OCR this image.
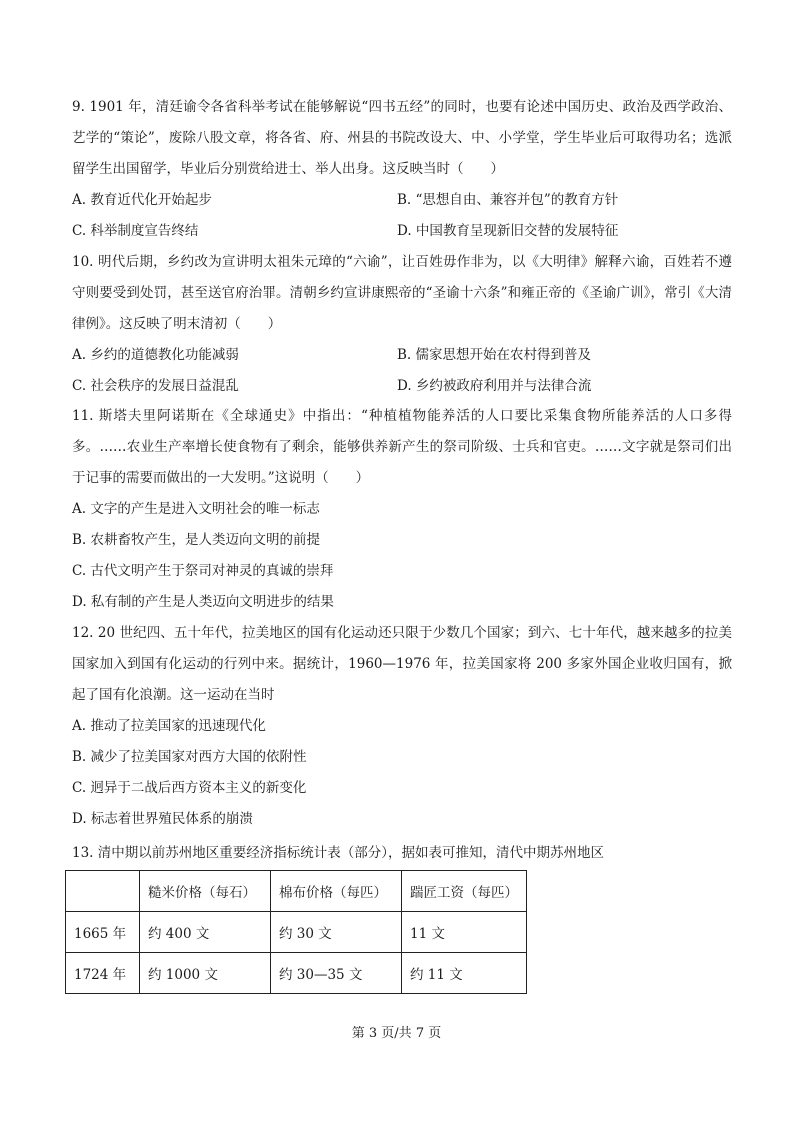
9. 1901 年，清廷谕令各省科举考试在能够解说“四书五经”的同时，也要有论述中国历史、政治及西学政治、艺学的“策论”，废除八股文章，将各省、府、州县的书院改设大、中、小学堂，学生毕业后可取得功名；选派留学生出国留学，毕业后分别赏给进士、举人出身。这反映当时（　　）

A. 教育近代化开始起步	B. “思想自由、兼容并包”的教育方针
C. 科举制度宣告终结	D. 中国教育呈现新旧交替的发展特征

10. 明代后期，乡约改为宣讲明太祖朱元璋的“六谕”，让百姓毋作非为，以《大明律》解释六谕，百姓若不遵守则要受到处罚，甚至送官府治罪。清朝乡约宣讲康熙帝的“圣谕十六条”和雍正帝的《圣谕广训》，常引《大清律例》。这反映了明末清初（　　）

A. 乡约的道德教化功能减弱	B. 儒家思想开始在农村得到普及
C. 社会秩序的发展日益混乱	D. 乡约被政府利用并与法律合流

11. 斯塔夫里阿诺斯在《全球通史》中指出：“种植植物能养活的人口要比采集食物所能养活的人口多得多。……农业生产率增长使食物有了剩余，能够供养新产生的祭司阶级、士兵和官吏。……文字就是祭司们出于记事的需要而做出的一大发明。”这说明（　　）

A. 文字的产生是进入文明社会的唯一标志

B. 农耕畜牧产生，是人类迈向文明的前提

C. 古代文明产生于祭司对神灵的真诚的崇拜

D. 私有制的产生是人类迈向文明进步的结果

12. 20 世纪四、五十年代，拉美地区的国有化运动还只限于少数几个国家；到六、七十年代，越来越多的拉美国家加入到国有化运动的行列中来。据统计，1960—1976 年，拉美国家将 200 多家外国企业收归国有，掀起了国有化浪潮。这一运动在当时

A. 推动了拉美国家的迅速现代化

B. 减少了拉美国家对西方大国的依附性

C. 迥异于二战后西方资本主义的新变化

D. 标志着世界殖民体系的崩溃

13. 清中期以前苏州地区重要经济指标统计表（部分），据如表可推知，清代中期苏州地区

	糙米价格（每石）	棉布价格（每匹）	踹匠工资（每匹）
1665 年	约 400 文	约 30 文	11 文
1724 年	约 1000 文	约 30—35 文	约 11 文
第 3 页/共 7 页
